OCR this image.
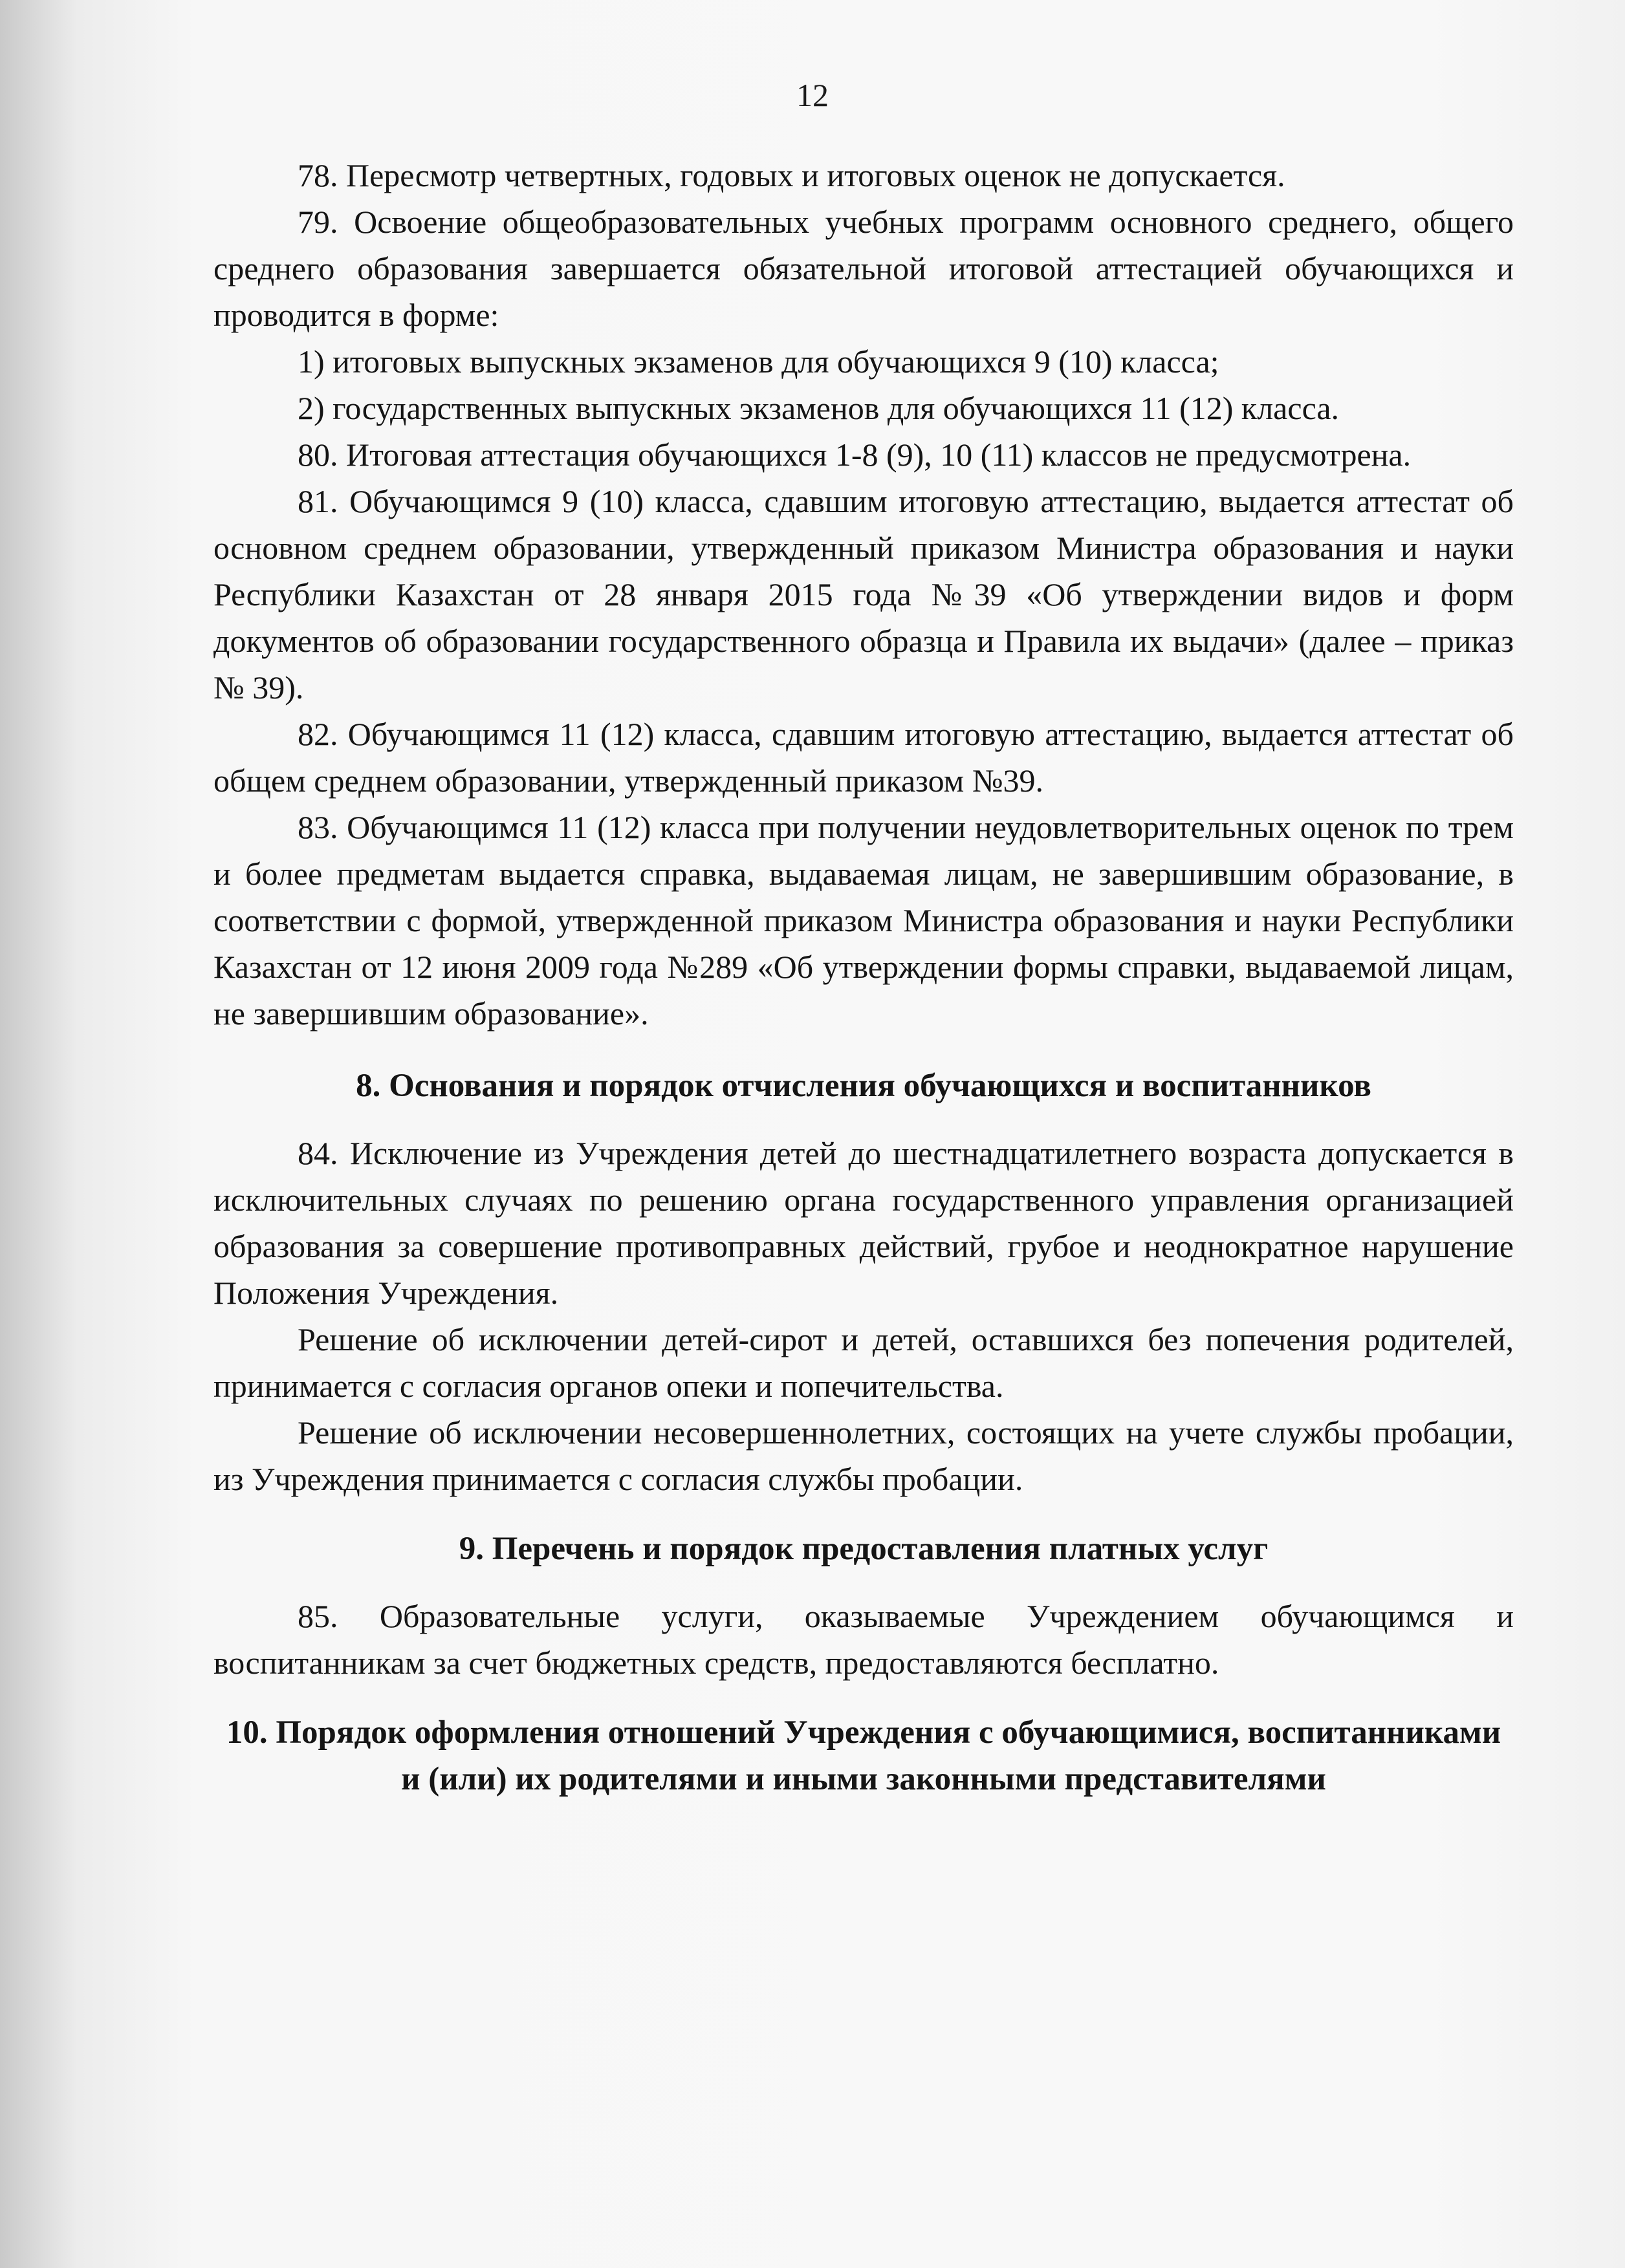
12

78. Пересмотр четвертных, годовых и итоговых оценок не допускается.

79. Освоение общеобразовательных учебных программ основного среднего, общего среднего образования завершается обязательной итоговой аттестацией обучающихся и проводится в форме:

1) итоговых выпускных экзаменов для обучающихся 9 (10) класса;

2) государственных выпускных экзаменов для обучающихся 11 (12) класса.

80. Итоговая аттестация обучающихся 1-8 (9), 10 (11) классов не предусмотрена.

81. Обучающимся 9 (10) класса, сдавшим итоговую аттестацию, выдается аттестат об основном среднем образовании, утвержденный приказом Министра образования и науки Республики Казахстан от 28 января 2015 года №39 «Об утверждении видов и форм документов об образовании государственного образца и Правила их выдачи» (далее – приказ № 39).

82. Обучающимся 11 (12) класса, сдавшим итоговую аттестацию, выдается аттестат об общем среднем образовании, утвержденный приказом №39.

83. Обучающимся 11 (12) класса при получении неудовлетворительных оценок по трем и более предметам выдается справка, выдаваемая лицам, не завершившим образование, в соответствии с формой, утвержденной приказом Министра образования и науки Республики Казахстан от 12 июня 2009 года №289 «Об утверждении формы справки, выдаваемой лицам, не завершившим образование».

8. Основания и порядок отчисления обучающихся и воспитанников

84. Исключение из Учреждения детей до шестнадцатилетнего возраста допускается в исключительных случаях по решению органа государственного управления организацией образования за совершение противоправных действий, грубое и неоднократное нарушение Положения Учреждения.

Решение об исключении детей-сирот и детей, оставшихся без попечения родителей, принимается с согласия органов опеки и попечительства.

Решение об исключении несовершеннолетних, состоящих на учете службы пробации, из Учреждения принимается с согласия службы пробации.

9. Перечень и порядок предоставления платных услуг

85. Образовательные услуги, оказываемые Учреждением обучающимся и воспитанникам за счет бюджетных средств, предоставляются бесплатно.

10. Порядок оформления отношений Учреждения с обучающимися, воспитанниками и (или) их родителями и иными законными представителями
